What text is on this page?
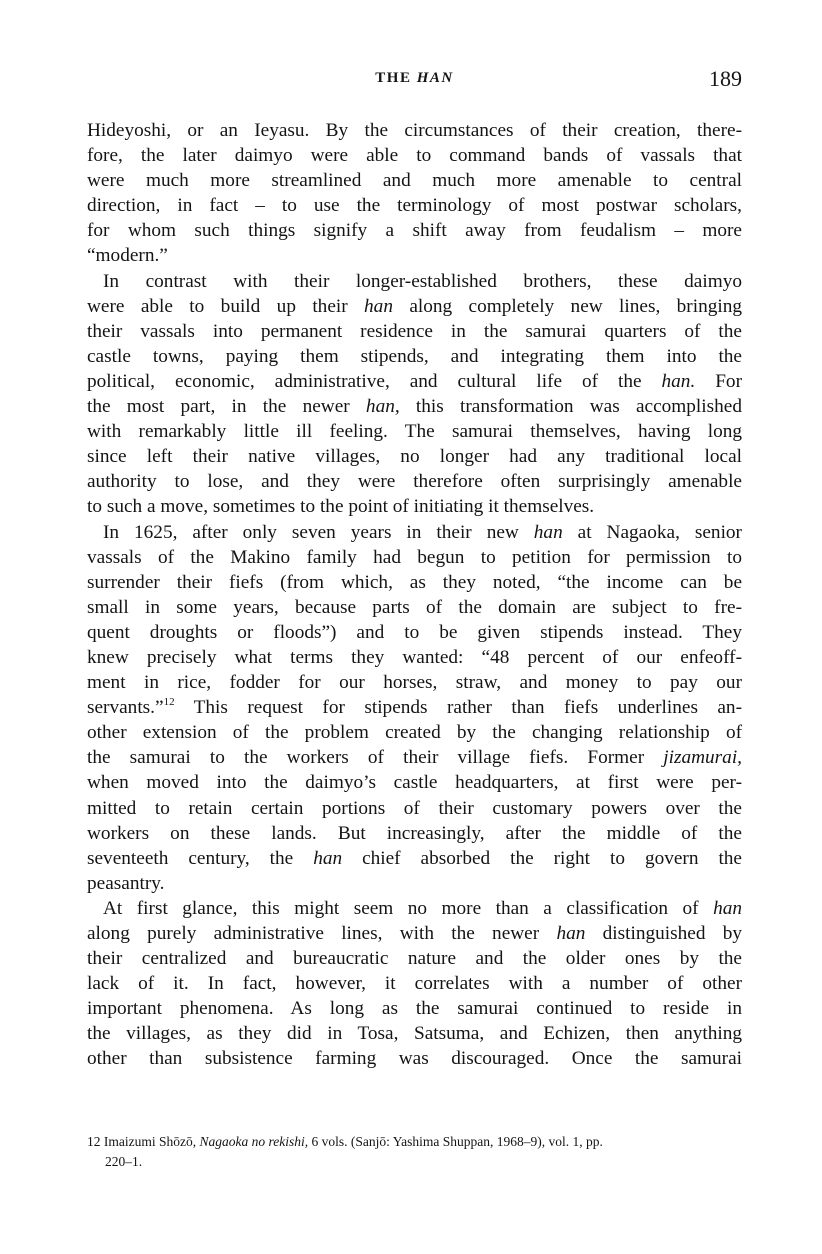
THE HAN	189
Hideyoshi, or an Ieyasu. By the circumstances of their creation, there-
fore, the later daimyo were able to command bands of vassals that
were much more streamlined and much more amenable to central
direction, in fact – to use the terminology of most postwar scholars,
for whom such things signify a shift away from feudalism – more
“modern.”
In contrast with their longer-established brothers, these daimyo
were able to build up their han along completely new lines, bringing
their vassals into permanent residence in the samurai quarters of the
castle towns, paying them stipends, and integrating them into the
political, economic, administrative, and cultural life of the han. For
the most part, in the newer han, this transformation was accomplished
with remarkably little ill feeling. The samurai themselves, having long
since left their native villages, no longer had any traditional local
authority to lose, and they were therefore often surprisingly amenable
to such a move, sometimes to the point of initiating it themselves.
In 1625, after only seven years in their new han at Nagaoka, senior
vassals of the Makino family had begun to petition for permission to
surrender their fiefs (from which, as they noted, “the income can be
small in some years, because parts of the domain are subject to fre-
quent droughts or floods”) and to be given stipends instead. They
knew precisely what terms they wanted: “48 percent of our enfeoff-
ment in rice, fodder for our horses, straw, and money to pay our
servants.”$^{12}$ This request for stipends rather than fiefs underlines an-
other extension of the problem created by the changing relationship of
the samurai to the workers of their village fiefs. Former jizamurai,
when moved into the daimyo’s castle headquarters, at first were per-
mitted to retain certain portions of their customary powers over the
workers on these lands. But increasingly, after the middle of the
seventeeth century, the han chief absorbed the right to govern the
peasantry.
At first glance, this might seem no more than a classification of han
along purely administrative lines, with the newer han distinguished by
their centralized and bureaucratic nature and the older ones by the
lack of it. In fact, however, it correlates with a number of other
important phenomena. As long as the samurai continued to reside in
the villages, as they did in Tosa, Satsuma, and Echizen, then anything
other than subsistence farming was discouraged. Once the samurai
12 Imaizumi Shōzō, Nagaoka no rekishi, 6 vols. (Sanjō: Yashima Shuppan, 1968–9), vol. 1, pp.
220–1.
